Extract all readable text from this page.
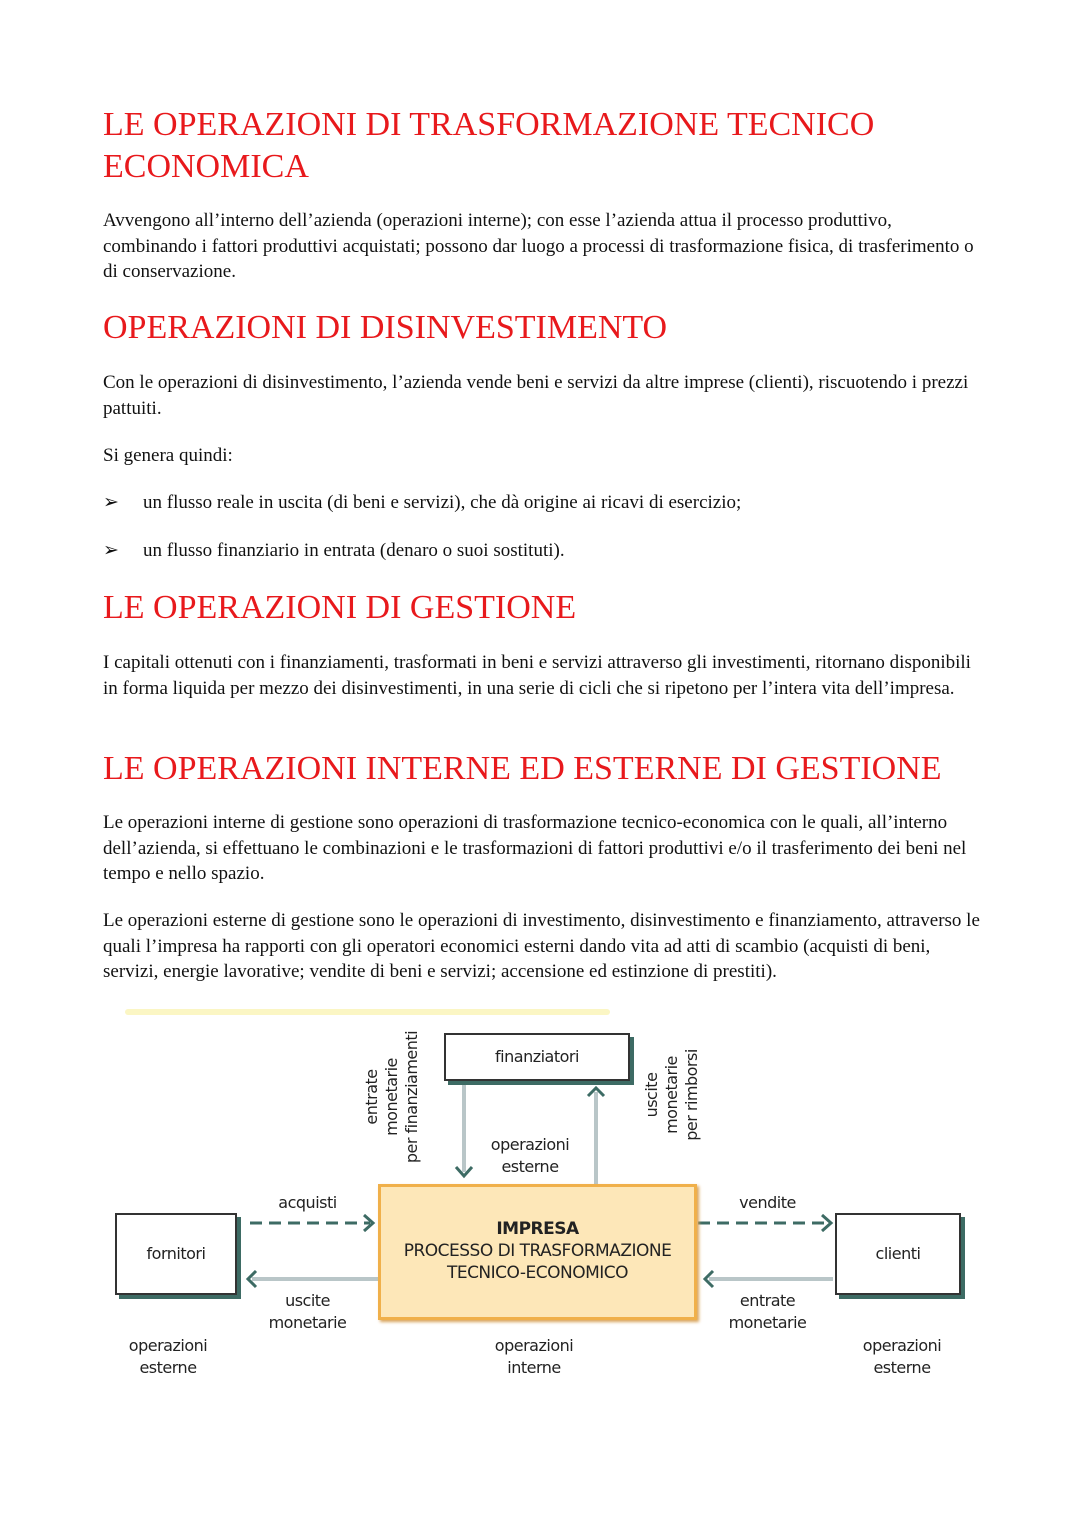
LE OPERAZIONI DI TRASFORMAZIONE TECNICO
ECONOMICA

Avvengono all’interno dell’azienda (operazioni interne); con esse l’azienda attua il processo produttivo, combinando i fattori produttivi acquistati; possono dar luogo a processi di trasformazione fisica, di trasferimento o di conservazione.

OPERAZIONI DI DISINVESTIMENTO

Con le operazioni di disinvestimento, l’azienda vende beni e servizi da altre imprese (clienti), riscuotendo i prezzi pattuiti.

Si genera quindi:

➢ un flusso reale in uscita (di beni e servizi), che dà origine ai ricavi di esercizio;
➢ un flusso finanziario in entrata (denaro o suoi sostituti).
LE OPERAZIONI DI GESTIONE

I capitali ottenuti con i finanziamenti, trasformati in beni e servizi attraverso gli investimenti, ritornano disponibili in forma liquida per mezzo dei disinvestimenti, in una serie di cicli che si ripetono per l’intera vita dell’impresa.

LE OPERAZIONI INTERNE ED ESTERNE DI GESTIONE

Le operazioni interne di gestione sono operazioni di trasformazione tecnico-economica con le quali, all’interno dell’azienda, si effettuano le combinazioni e le trasformazioni di fattori produttivi e/o il trasferimento dei beni nel tempo e nello spazio.

Le operazioni esterne di gestione sono le operazioni di investimento, disinvestimento e finanziamento, attraverso le quali l’impresa ha rapporti con gli operatori economici esterni dando vita ad atti di scambio (acquisti di beni, servizi, energie lavorative; vendite di beni e servizi; accensione ed estinzione di prestiti).

finanziatori
fornitori	clienti
IMPRESA
PROCESSO DI TRASFORMAZIONE
TECNICO-ECONOMICO
entrate
monetarie
per finanziamenti	uscite
monetarie
per rimborsi
operazioni
esterne
acquisti	vendite
uscite
monetarie
entrate
monetarie
operazioni
esterne
operazioni
interne
operazioni
esterne
